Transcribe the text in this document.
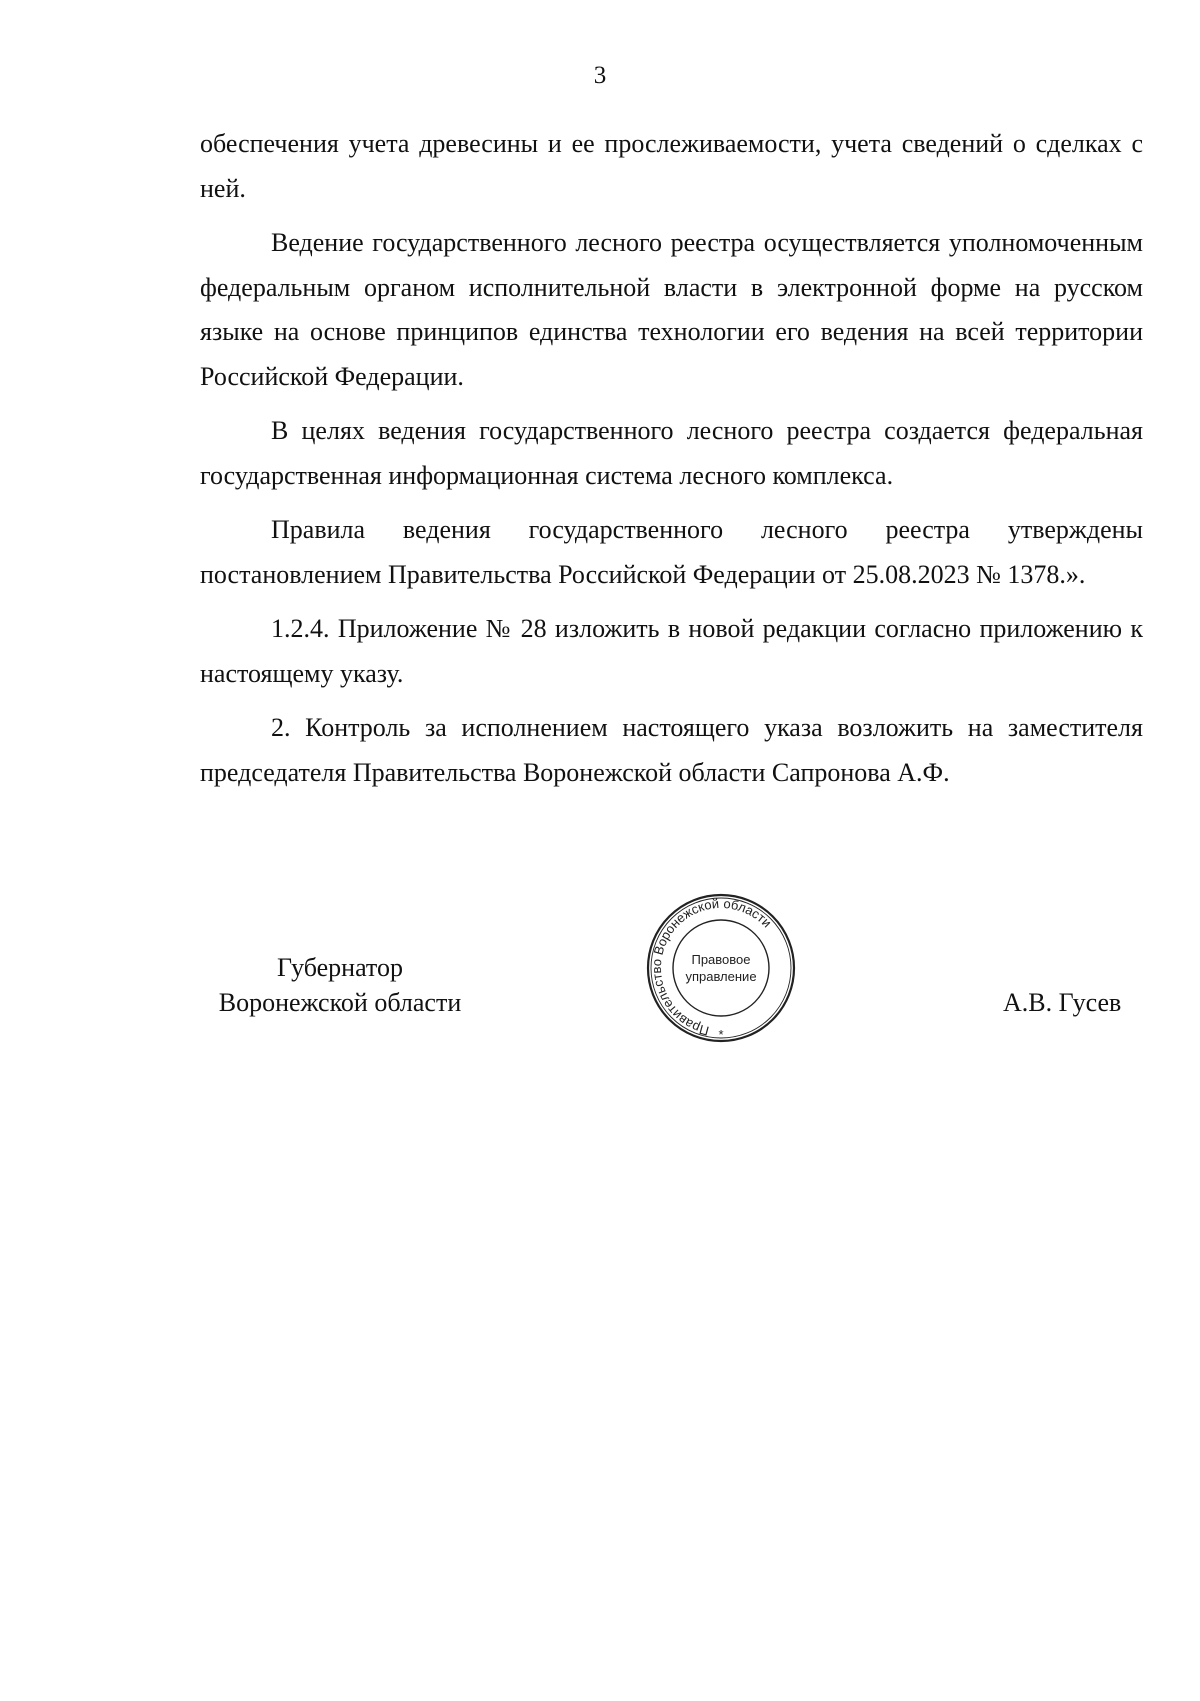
3

обеспечения учета древесины и ее прослеживаемости, учета сведений о сделках с ней.

Ведение государственного лесного реестра осуществляется уполномоченным федеральным органом исполнительной власти в электронной форме на русском языке на основе принципов единства технологии его ведения на всей территории Российской Федерации.

В целях ведения государственного лесного реестра создается федеральная государственная информационная система лесного комплекса.

Правила ведения государственного лесного реестра утверждены постановлением Правительства Российской Федерации от 25.08.2023 № 1378.».

1.2.4. Приложение № 28 изложить в новой редакции согласно приложению к настоящему указу.

2. Контроль за исполнением настоящего указа возложить на заместителя председателя Правительства Воронежской области Сапронова А.Ф.

Губернатор
Воронежской области
Правительство Воронежской области
Правовое
управление
*
А.В. Гусев
